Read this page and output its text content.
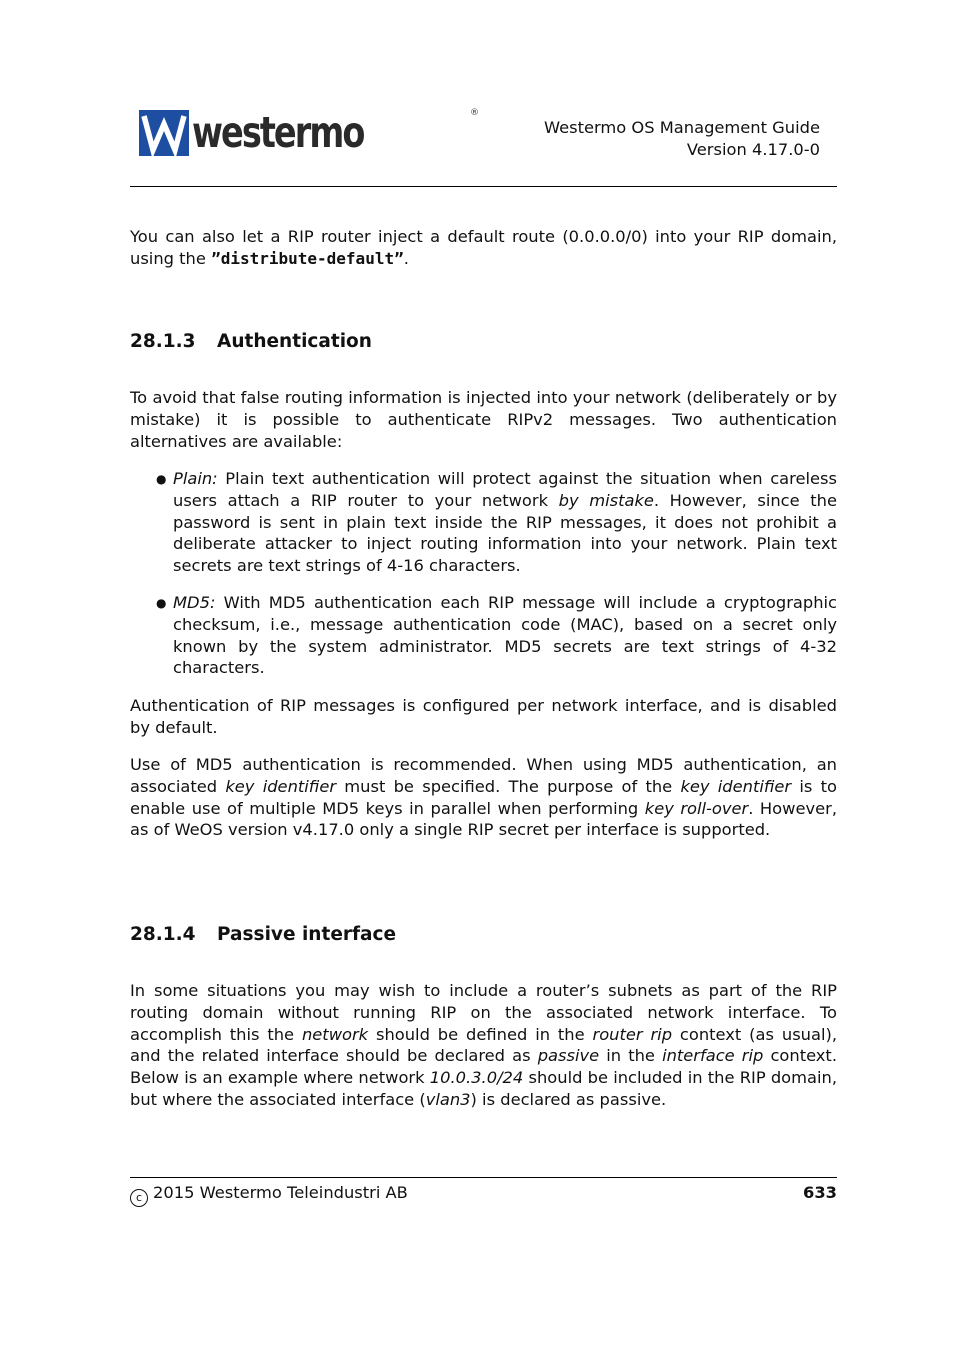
westermo	®
Westermo OS Management Guide
Version 4.17.0-0
You can also let a RIP router inject a default route (0.0.0.0/0) into your RIP domain, using the ”distribute-default”.
28.1.3 Authentication
To avoid that false routing information is injected into your network (deliberately or by mistake) it is possible to authenticate RIPv2 messages. Two authentication alternatives are available:
● Plain: Plain text authentication will protect against the situation when careless users attach a RIP router to your network by mistake. However, since the password is sent in plain text inside the RIP messages, it does not prohibit a deliberate attacker to inject routing information into your network. Plain text secrets are text strings of 4-16 characters.
● MD5: With MD5 authentication each RIP message will include a cryptographic checksum, i.e., message authentication code (MAC), based on a secret only known by the system administrator. MD5 secrets are text strings of 4-32 characters.
Authentication of RIP messages is configured per network interface, and is disabled by default.
Use of MD5 authentication is recommended. When using MD5 authentication, an associated key identifier must be specified. The purpose of the key identifier is to enable use of multiple MD5 keys in parallel when performing key roll-over. However, as of WeOS version v4.17.0 only a single RIP secret per interface is supported.
28.1.4 Passive interface
In some situations you may wish to include a router’s subnets as part of the RIP routing domain without running RIP on the associated network interface. To accomplish this the network should be defined in the router rip context (as usual), and the related interface should be declared as passive in the interface rip context. Below is an example where network 10.0.3.0/24 should be included in the RIP domain, but where the associated interface (vlan3) is declared as passive.
c 2015 Westermo Teleindustri AB	633
